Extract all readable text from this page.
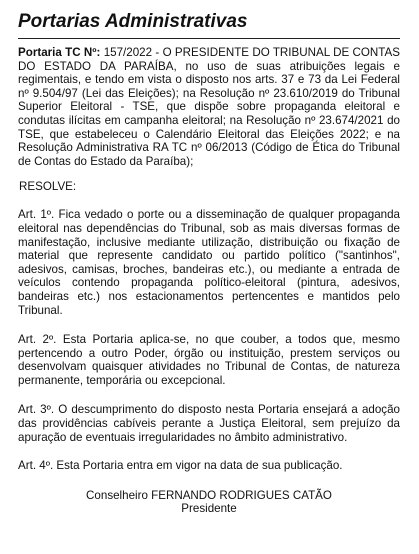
Portarias Administrativas

Portaria TC Nº: 157/2022 - O PRESIDENTE DO TRIBUNAL DE CONTAS DO ESTADO DA PARAÍBA, no uso de suas atribuições legais e regimentais, e tendo em vista o disposto nos arts. 37 e 73 da Lei Federal nº 9.504/97 (Lei das Eleições); na Resolução nº 23.610/2019 do Tribunal Superior Eleitoral - TSE, que dispõe sobre propaganda eleitoral e condutas ilícitas em campanha eleitoral; na Resolução nº 23.674/2021 do TSE, que estabeleceu o Calendário Eleitoral das Eleições 2022; e na Resolução Administrativa RA TC nº 06/2013 (Código de Ética do Tribunal de Contas do Estado da Paraíba);

RESOLVE:

Art. 1º. Fica vedado o porte ou a disseminação de qualquer propaganda eleitoral nas dependências do Tribunal, sob as mais diversas formas de manifestação, inclusive mediante utilização, distribuição ou fixação de material que represente candidato ou partido político ("santinhos", adesivos, camisas, broches, bandeiras etc.), ou mediante a entrada de veículos contendo propaganda político-eleitoral (pintura, adesivos, bandeiras etc.) nos estacionamentos pertencentes e mantidos pelo Tribunal.

Art. 2º. Esta Portaria aplica-se, no que couber, a todos que, mesmo pertencendo a outro Poder, órgão ou instituição, prestem serviços ou desenvolvam quaisquer atividades no Tribunal de Contas, de natureza permanente, temporária ou excepcional.

Art. 3º. O descumprimento do disposto nesta Portaria ensejará a adoção das providências cabíveis perante a Justiça Eleitoral, sem prejuízo da apuração de eventuais irregularidades no âmbito administrativo.

Art. 4º. Esta Portaria entra em vigor na data de sua publicação.

Conselheiro FERNANDO RODRIGUES CATÃO
Presidente
